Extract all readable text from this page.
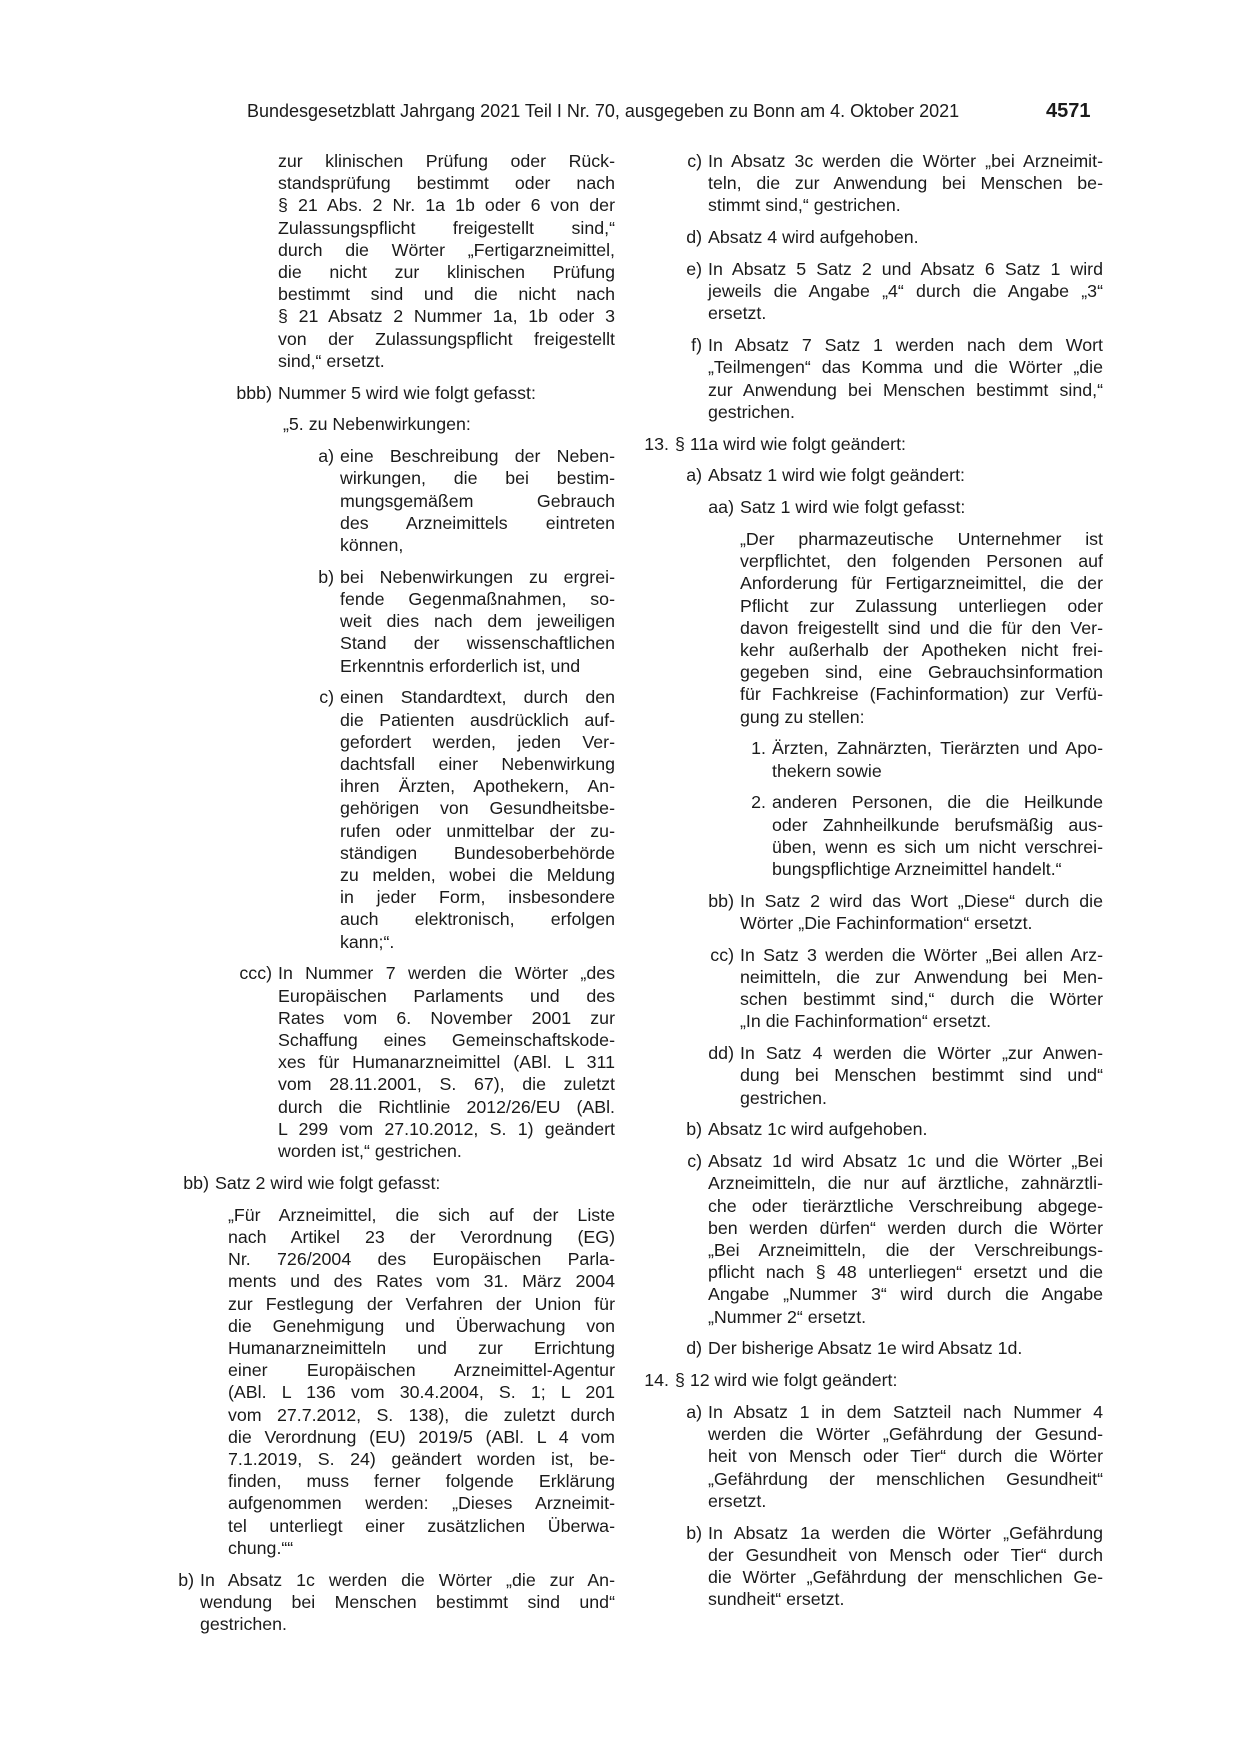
Bundesgesetzblatt Jahrgang 2021 Teil I Nr. 70, ausgegeben zu Bonn am 4. Oktober 2021	4571
zur klinischen Prüfung oder Rück-
standsprüfung bestimmt oder nach
§ 21 Abs. 2 Nr. 1a 1b oder 6 von der
Zulassungspflicht freigestellt sind,“
durch die Wörter „Fertigarzneimittel,
die nicht zur klinischen Prüfung
bestimmt sind und die nicht nach
§ 21 Absatz 2 Nummer 1a, 1b oder 3
von der Zulassungspflicht freigestellt
sind,“ ersetzt.
bbb) Nummer 5 wird wie folgt gefasst:
„5. zu Nebenwirkungen:
a) eine Beschreibung der Neben-
wirkungen, die bei bestim-
mungsgemäßem Gebrauch
des Arzneimittels eintreten
können,
b) bei Nebenwirkungen zu ergrei-
fende Gegenmaßnahmen, so-
weit dies nach dem jeweiligen
Stand der wissenschaftlichen
Erkenntnis erforderlich ist, und
c) einen Standardtext, durch den
die Patienten ausdrücklich auf-
gefordert werden, jeden Ver-
dachtsfall einer Nebenwirkung
ihren Ärzten, Apothekern, An-
gehörigen von Gesundheitsbe-
rufen oder unmittelbar der zu-
ständigen Bundesoberbehörde
zu melden, wobei die Meldung
in jeder Form, insbesondere
auch elektronisch, erfolgen
kann;“.
ccc) In Nummer 7 werden die Wörter „des
Europäischen Parlaments und des
Rates vom 6. November 2001 zur
Schaffung eines Gemeinschaftskode-
xes für Humanarzneimittel (ABl. L 311
vom 28.11.2001, S. 67), die zuletzt
durch die Richtlinie 2012/26/EU (ABl.
L 299 vom 27.10.2012, S. 1) geändert
worden ist,“ gestrichen.
bb) Satz 2 wird wie folgt gefasst:
„Für Arzneimittel, die sich auf der Liste
nach Artikel 23 der Verordnung (EG)
Nr. 726/2004 des Europäischen Parla-
ments und des Rates vom 31. März 2004
zur Festlegung der Verfahren der Union für
die Genehmigung und Überwachung von
Humanarzneimitteln und zur Errichtung
einer Europäischen Arzneimittel-Agentur
(ABl. L 136 vom 30.4.2004, S. 1; L 201
vom 27.7.2012, S. 138), die zuletzt durch
die Verordnung (EU) 2019/5 (ABl. L 4 vom
7.1.2019, S. 24) geändert worden ist, be-
finden, muss ferner folgende Erklärung
aufgenommen werden: „Dieses Arzneimit-
tel unterliegt einer zusätzlichen Überwa-
chung.““
b) In Absatz 1c werden die Wörter „die zur An-
wendung bei Menschen bestimmt sind und“
gestrichen.
c) In Absatz 3c werden die Wörter „bei Arzneimit-
teln, die zur Anwendung bei Menschen be-
stimmt sind,“ gestrichen.
d) Absatz 4 wird aufgehoben.
e) In Absatz 5 Satz 2 und Absatz 6 Satz 1 wird
jeweils die Angabe „4“ durch die Angabe „3“
ersetzt.
f) In Absatz 7 Satz 1 werden nach dem Wort
„Teilmengen“ das Komma und die Wörter „die
zur Anwendung bei Menschen bestimmt sind,“
gestrichen.
13. § 11a wird wie folgt geändert:
a) Absatz 1 wird wie folgt geändert:
aa) Satz 1 wird wie folgt gefasst:
„Der pharmazeutische Unternehmer ist
verpflichtet, den folgenden Personen auf
Anforderung für Fertigarzneimittel, die der
Pflicht zur Zulassung unterliegen oder
davon freigestellt sind und die für den Ver-
kehr außerhalb der Apotheken nicht frei-
gegeben sind, eine Gebrauchsinformation
für Fachkreise (Fachinformation) zur Verfü-
gung zu stellen:
1. Ärzten, Zahnärzten, Tierärzten und Apo-
thekern sowie
2. anderen Personen, die die Heilkunde
oder Zahnheilkunde berufsmäßig aus-
üben, wenn es sich um nicht verschrei-
bungspflichtige Arzneimittel handelt.“
bb) In Satz 2 wird das Wort „Diese“ durch die
Wörter „Die Fachinformation“ ersetzt.
cc) In Satz 3 werden die Wörter „Bei allen Arz-
neimitteln, die zur Anwendung bei Men-
schen bestimmt sind,“ durch die Wörter
„In die Fachinformation“ ersetzt.
dd) In Satz 4 werden die Wörter „zur Anwen-
dung bei Menschen bestimmt sind und“
gestrichen.
b) Absatz 1c wird aufgehoben.
c) Absatz 1d wird Absatz 1c und die Wörter „Bei
Arzneimitteln, die nur auf ärztliche, zahnärztli-
che oder tierärztliche Verschreibung abgege-
ben werden dürfen“ werden durch die Wörter
„Bei Arzneimitteln, die der Verschreibungs-
pflicht nach § 48 unterliegen“ ersetzt und die
Angabe „Nummer 3“ wird durch die Angabe
„Nummer 2“ ersetzt.
d) Der bisherige Absatz 1e wird Absatz 1d.
14. § 12 wird wie folgt geändert:
a) In Absatz 1 in dem Satzteil nach Nummer 4
werden die Wörter „Gefährdung der Gesund-
heit von Mensch oder Tier“ durch die Wörter
„Gefährdung der menschlichen Gesundheit“
ersetzt.
b) In Absatz 1a werden die Wörter „Gefährdung
der Gesundheit von Mensch oder Tier“ durch
die Wörter „Gefährdung der menschlichen Ge-
sundheit“ ersetzt.
